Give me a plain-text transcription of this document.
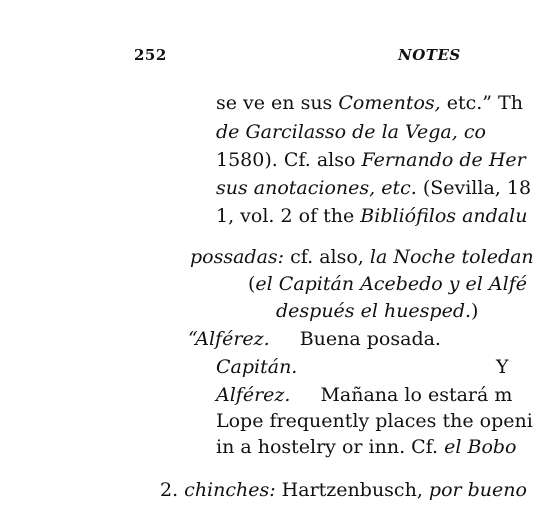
252	NOTES
se ve en sus Comentos, etc.” Th
de Garcilasso de la Vega, co
1580). Cf. also Fernando de Her
sus anotaciones, etc. (Sevilla, 18
1, vol. 2 of the Bibliófilos andalu
possadas: cf. also, la Noche toledan
(el Capitán Acebedo y el Alfé
después el huesped.)
“Alférez. Buena posada.
Capitán.	Y
Alférez. Mañana lo estará m
Lope frequently places the openi
in a hostelry or inn. Cf. el Bobo
2. chinches: Hartzenbusch, por bueno
